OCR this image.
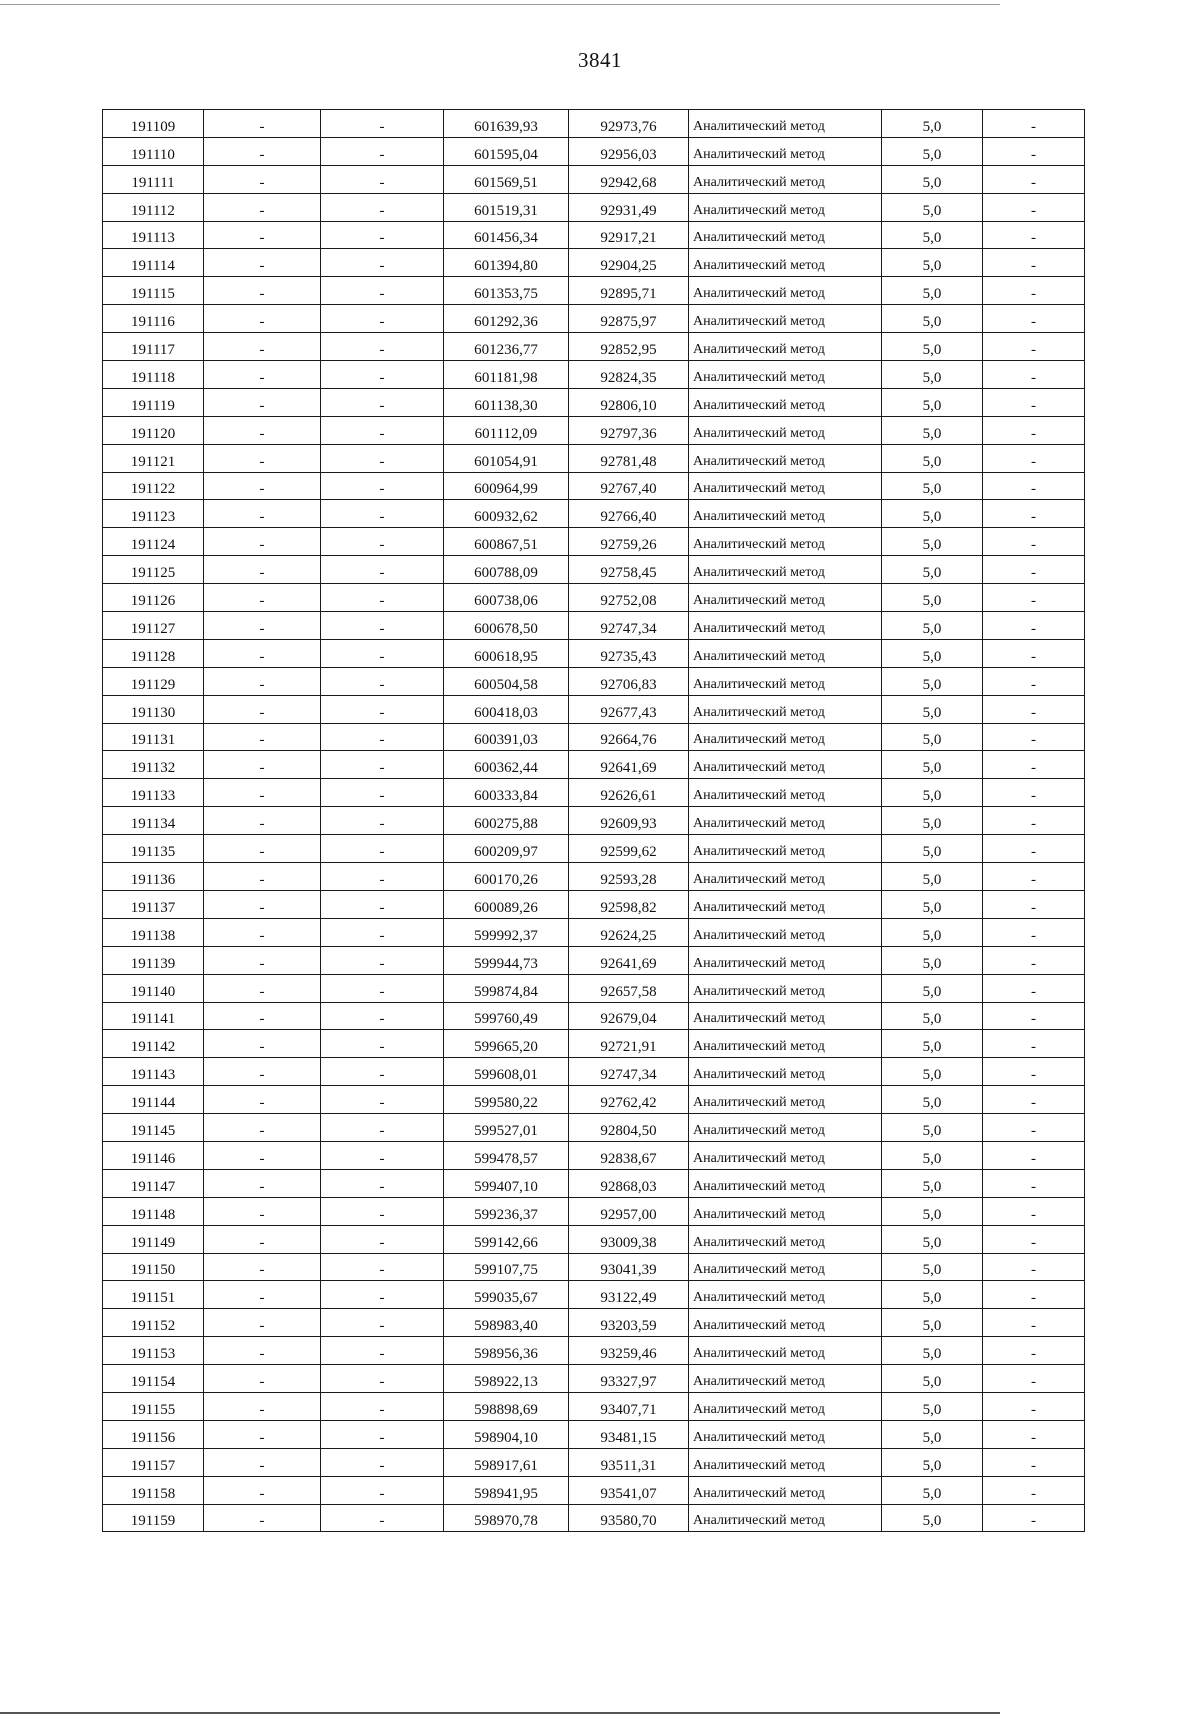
3841
191109	-	-	601639,93	92973,76	Аналитический метод	5,0	-
191110	-	-	601595,04	92956,03	Аналитический метод	5,0	-
191111	-	-	601569,51	92942,68	Аналитический метод	5,0	-
191112	-	-	601519,31	92931,49	Аналитический метод	5,0	-
191113	-	-	601456,34	92917,21	Аналитический метод	5,0	-
191114	-	-	601394,80	92904,25	Аналитический метод	5,0	-
191115	-	-	601353,75	92895,71	Аналитический метод	5,0	-
191116	-	-	601292,36	92875,97	Аналитический метод	5,0	-
191117	-	-	601236,77	92852,95	Аналитический метод	5,0	-
191118	-	-	601181,98	92824,35	Аналитический метод	5,0	-
191119	-	-	601138,30	92806,10	Аналитический метод	5,0	-
191120	-	-	601112,09	92797,36	Аналитический метод	5,0	-
191121	-	-	601054,91	92781,48	Аналитический метод	5,0	-
191122	-	-	600964,99	92767,40	Аналитический метод	5,0	-
191123	-	-	600932,62	92766,40	Аналитический метод	5,0	-
191124	-	-	600867,51	92759,26	Аналитический метод	5,0	-
191125	-	-	600788,09	92758,45	Аналитический метод	5,0	-
191126	-	-	600738,06	92752,08	Аналитический метод	5,0	-
191127	-	-	600678,50	92747,34	Аналитический метод	5,0	-
191128	-	-	600618,95	92735,43	Аналитический метод	5,0	-
191129	-	-	600504,58	92706,83	Аналитический метод	5,0	-
191130	-	-	600418,03	92677,43	Аналитический метод	5,0	-
191131	-	-	600391,03	92664,76	Аналитический метод	5,0	-
191132	-	-	600362,44	92641,69	Аналитический метод	5,0	-
191133	-	-	600333,84	92626,61	Аналитический метод	5,0	-
191134	-	-	600275,88	92609,93	Аналитический метод	5,0	-
191135	-	-	600209,97	92599,62	Аналитический метод	5,0	-
191136	-	-	600170,26	92593,28	Аналитический метод	5,0	-
191137	-	-	600089,26	92598,82	Аналитический метод	5,0	-
191138	-	-	599992,37	92624,25	Аналитический метод	5,0	-
191139	-	-	599944,73	92641,69	Аналитический метод	5,0	-
191140	-	-	599874,84	92657,58	Аналитический метод	5,0	-
191141	-	-	599760,49	92679,04	Аналитический метод	5,0	-
191142	-	-	599665,20	92721,91	Аналитический метод	5,0	-
191143	-	-	599608,01	92747,34	Аналитический метод	5,0	-
191144	-	-	599580,22	92762,42	Аналитический метод	5,0	-
191145	-	-	599527,01	92804,50	Аналитический метод	5,0	-
191146	-	-	599478,57	92838,67	Аналитический метод	5,0	-
191147	-	-	599407,10	92868,03	Аналитический метод	5,0	-
191148	-	-	599236,37	92957,00	Аналитический метод	5,0	-
191149	-	-	599142,66	93009,38	Аналитический метод	5,0	-
191150	-	-	599107,75	93041,39	Аналитический метод	5,0	-
191151	-	-	599035,67	93122,49	Аналитический метод	5,0	-
191152	-	-	598983,40	93203,59	Аналитический метод	5,0	-
191153	-	-	598956,36	93259,46	Аналитический метод	5,0	-
191154	-	-	598922,13	93327,97	Аналитический метод	5,0	-
191155	-	-	598898,69	93407,71	Аналитический метод	5,0	-
191156	-	-	598904,10	93481,15	Аналитический метод	5,0	-
191157	-	-	598917,61	93511,31	Аналитический метод	5,0	-
191158	-	-	598941,95	93541,07	Аналитический метод	5,0	-
191159	-	-	598970,78	93580,70	Аналитический метод	5,0	-
